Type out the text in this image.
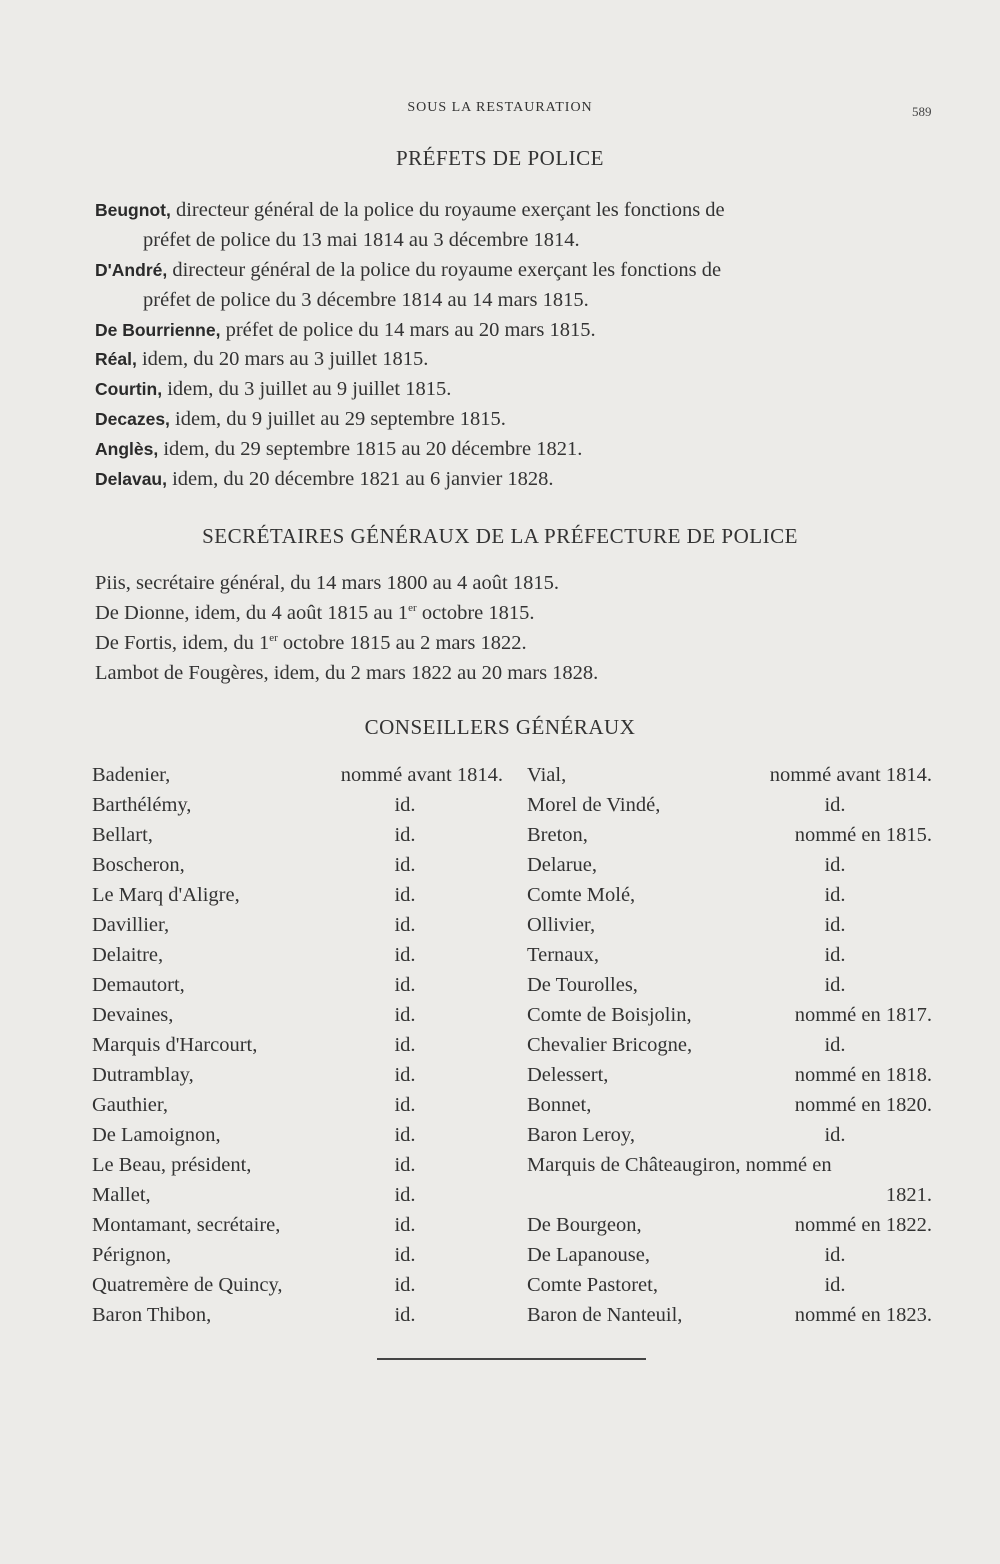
SOUS LA RESTAURATION	589
PRÉFETS DE POLICE
Beugnot, directeur général de la police du royaume exerçant les fonctions de
préfet de police du 13 mai 1814 au 3 décembre 1814.
D'André, directeur général de la police du royaume exerçant les fonctions de
préfet de police du 3 décembre 1814 au 14 mars 1815.
De Bourrienne, préfet de police du 14 mars au 20 mars 1815.
Réal, idem, du 20 mars au 3 juillet 1815.
Courtin, idem, du 3 juillet au 9 juillet 1815.
Decazes, idem, du 9 juillet au 29 septembre 1815.
Anglès, idem, du 29 septembre 1815 au 20 décembre 1821.
Delavau, idem, du 20 décembre 1821 au 6 janvier 1828.
SECRÉTAIRES GÉNÉRAUX DE LA PRÉFECTURE DE POLICE
Piis, secrétaire général, du 14 mars 1800 au 4 août 1815.
De Dionne, idem, du 4 août 1815 au 1er octobre 1815.
De Fortis, idem, du 1er octobre 1815 au 2 mars 1822.
Lambot de Fougères, idem, du 2 mars 1822 au 20 mars 1828.
CONSEILLERS GÉNÉRAUX
Badenier,	nommé avant 1814.
Barthélémy,	id.
Bellart,	id.
Boscheron,	id.
Le Marq d'Aligre,	id.
Davillier,	id.
Delaitre,	id.
Demautort,	id.
Devaines,	id.
Marquis d'Harcourt,	id.
Dutramblay,	id.
Gauthier,	id.
De Lamoignon,	id.
Le Beau, président,	id.
Mallet,	id.
Montamant, secrétaire,	id.
Pérignon,	id.
Quatremère de Quincy,	id.
Baron Thibon,	id.
Vial,	nommé avant 1814.
Morel de Vindé,	id.
Breton,	nommé en 1815.
Delarue,	id.
Comte Molé,	id.
Ollivier,	id.
Ternaux,	id.
De Tourolles,	id.
Comte de Boisjolin,	nommé en 1817.
Chevalier Bricogne,	id.
Delessert,	nommé en 1818.
Bonnet,	nommé en 1820.
Baron Leroy,	id.
Marquis de Châteaugiron, nommé en
1821.
De Bourgeon,	nommé en 1822.
De Lapanouse,	id.
Comte Pastoret,	id.
Baron de Nanteuil,	nommé en 1823.
